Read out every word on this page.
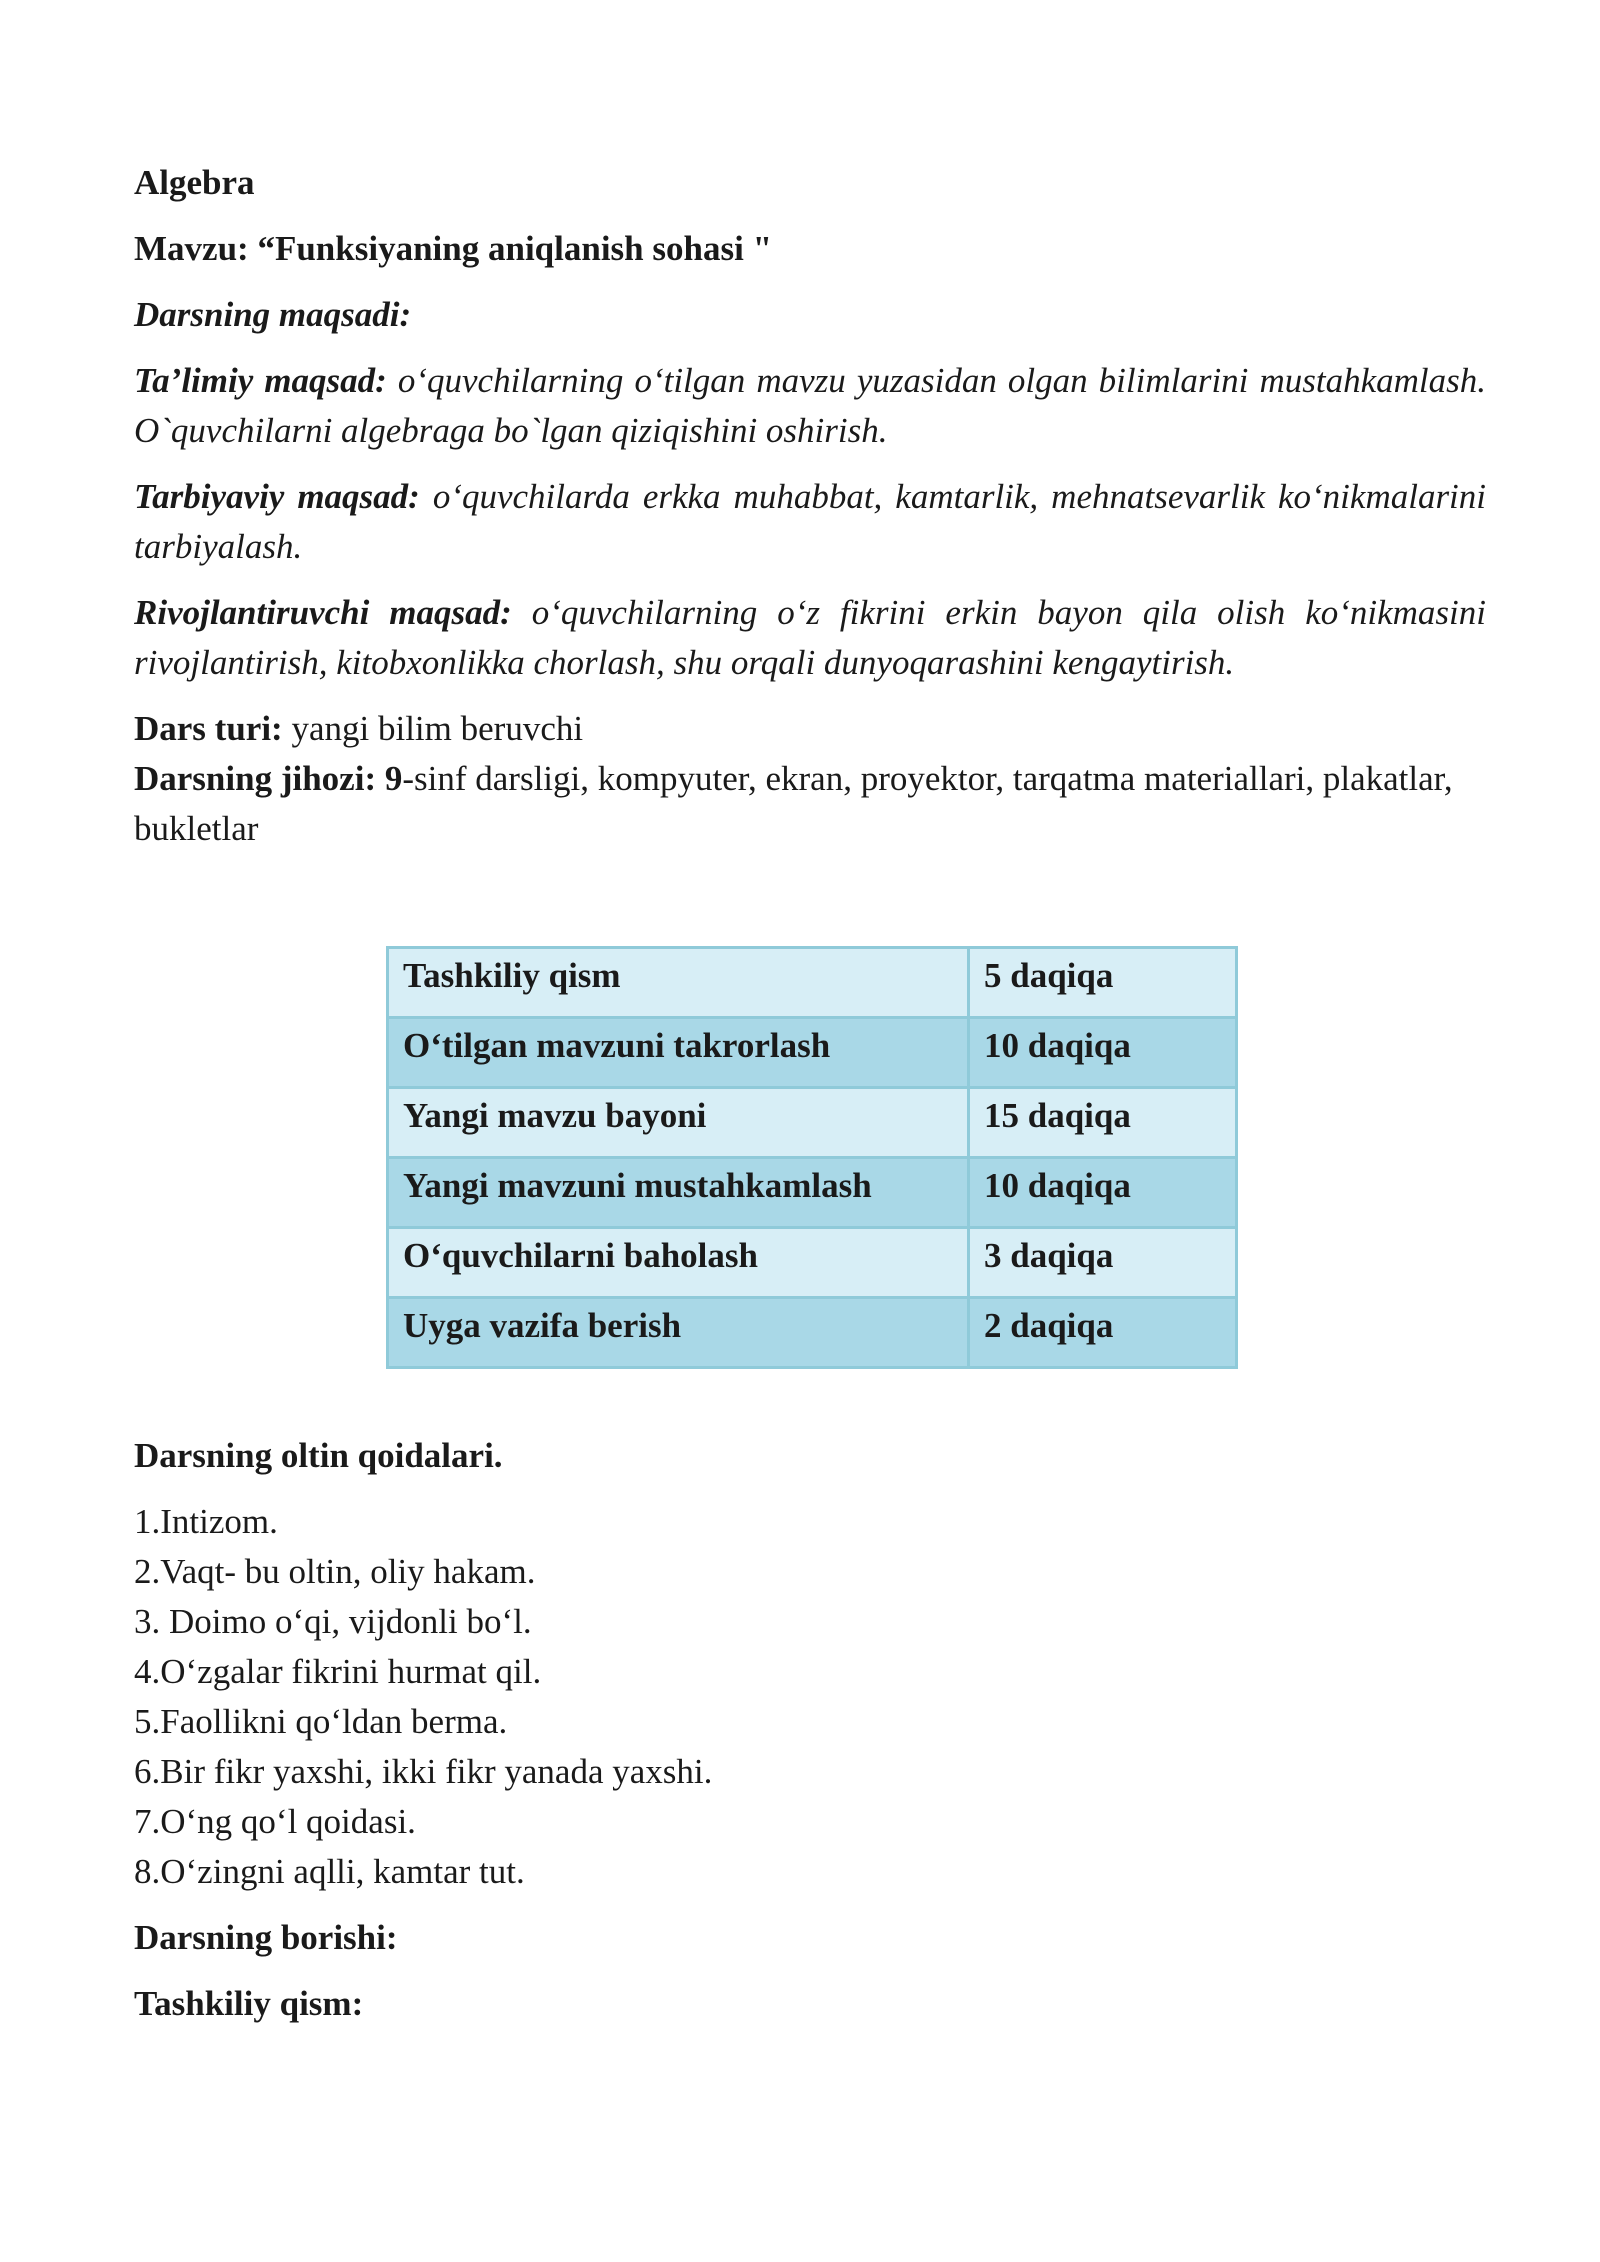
Algebra

Mavzu: “Funksiyaning aniqlanish sohasi "

Darsning maqsadi:

Ta’limiy maqsad: o‘quvchilarning o‘tilgan mavzu yuzasidan olgan bilimlarini mustahkamlash. O`quvchilarni algebraga bo`lgan qiziqishini oshirish.

Tarbiyaviy maqsad: o‘quvchilarda erkka muhabbat, kamtarlik, mehnatsevarlik ko‘nikmalarini tarbiyalash.

Rivojlantiruvchi maqsad: o‘quvchilarning o‘z fikrini erkin bayon qila olish ko‘nikmasini rivojlantirish, kitobxonlikka chorlash, shu orqali dunyoqarashini kengaytirish.

Dars turi: yangi bilim beruvchi

Darsning jihozi: 9-sinf darsligi, kompyuter, ekran, proyektor, tarqatma materiallari, plakatlar, bukletlar

Tashkiliy qism	5 daqiqa
O‘tilgan mavzuni takrorlash	10 daqiqa
Yangi mavzu bayoni	15 daqiqa
Yangi mavzuni mustahkamlash	10 daqiqa
O‘quvchilarni baholash	3 daqiqa
Uyga vazifa berish	2 daqiqa

Darsning oltin qoidalari.

1.Intizom.

2.Vaqt- bu oltin, oliy hakam.

3. Doimo o‘qi, vijdonli bo‘l.

4.O‘zgalar fikrini hurmat qil.

5.Faollikni qo‘ldan berma.

6.Bir fikr yaxshi, ikki fikr yanada yaxshi.

7.O‘ng qo‘l qoidasi.

8.O‘zingni aqlli, kamtar tut.

Darsning borishi:

Tashkiliy qism:
